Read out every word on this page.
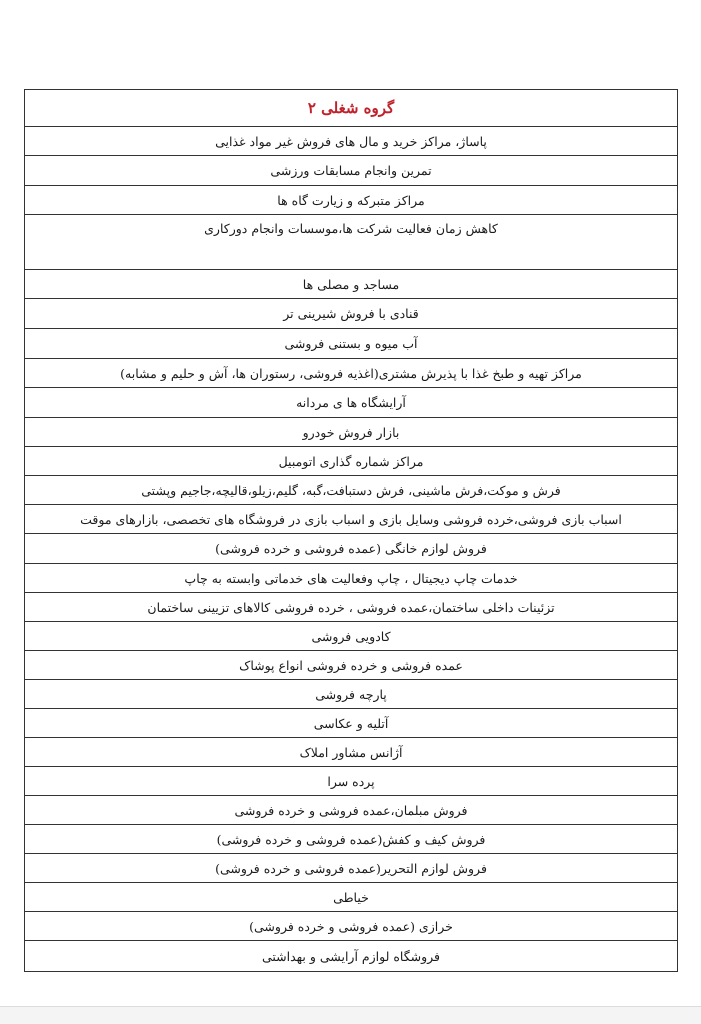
گروه شغلی ۲
پاساژ، مراکز خرید و مال های فروش غیر مواد غذایی
تمرین وانجام مسابقات ورزشی
مراکز متبرکه و زیارت گاه ها
کاهش زمان فعالیت شرکت ها،موسسات وانجام دورکاری
مساجد و مصلی ها
قنادی با فروش شیرینی تر
آب میوه و بستنی فروشی
مراکز تهیه و طبخ غذا با پذیرش مشتری(اغذیه فروشی، رستوران ها، آش و حلیم و مشابه)
آرایشگاه ها ی مردانه
بازار فروش خودرو
مراکز شماره گذاری اتومبیل
فرش و موکت،فرش ماشینی، فرش دستبافت،گبه، گلیم،زیلو،قالیچه،جاجیم وپشتی
اسباب بازی فروشی،خرده فروشی وسایل بازی و اسباب بازی در فروشگاه های تخصصی، بازارهای موقت
فروش لوازم خانگی (عمده فروشی و خرده فروشی)
خدمات چاپ دیجیتال ، چاپ وفعالیت های خدماتی وابسته به چاپ
تزئینات داخلی ساختمان،عمده فروشی ، خرده فروشی کالاهای تزیینی ساختمان
کادویی فروشی
عمده فروشی و خرده فروشی انواع پوشاک
پارچه فروشی
آتلیه و عکاسی
آژانس مشاور املاک
پرده سرا
فروش مبلمان،عمده فروشی و خرده فروشی
فروش کیف و کفش(عمده فروشی و خرده فروشی)
فروش لوازم التحریر(عمده فروشی و خرده فروشی)
خیاطی
خرازی (عمده فروشی و خرده فروشی)
فروشگاه لوازم آرایشی و بهداشتی
